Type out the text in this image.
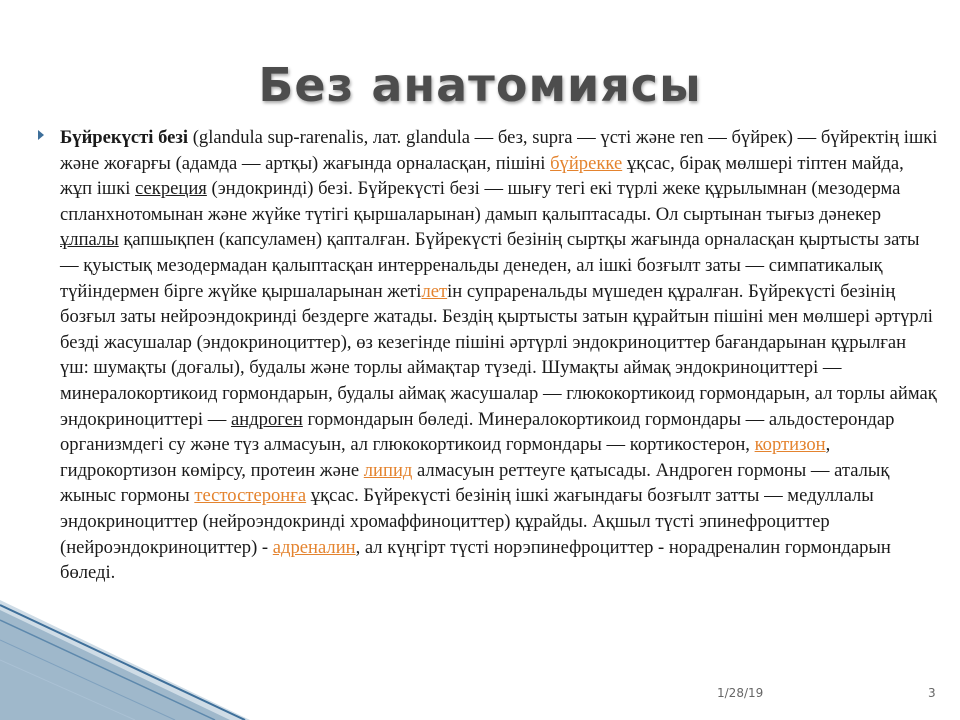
Без анатомиясы

Бүйрекүсті безі (glandula sup-rarenalis, лат. glandula — без, supra — үсті және ren — бүйрек) — бүйректің ішкі және жоғарғы (адамда — артқы) жағында орналасқан, пішіні бүйрекке ұқсас, бірақ мөлшері тіптен майда, жұп ішкі секреция (эндокринді) безі. Бүйрекүсті безі — шығу тегі екі түрлі жеке құрылымнан (мезодерма спланхнотомынан және жүйке түтігі қыршаларынан) дамып қалыптасады. Ол сыртынан тығыз дәнекер ұлпалы қапшықпен (капсуламен) қапталған. Бүйрекүсті безінің сыртқы жағында орналасқан қыртысты заты — қуыстық мезодермадан қалыптасқан интерренальды денеден, ал ішкі бозғылт заты — симпатикалық түйіндермен бірге жүйке қыршаларынан жетілетін супраренальды мүшеден құралған. Бүйрекүсті безінің бозғыл заты нейроэндокринді бездерге жатады. Бездің қыртысты затын құрайтын пішіні мен мөлшері әртүрлі безді жасушалар (эндокриноциттер), өз кезегінде пішіні әртүрлі эндокриноциттер бағандарынан құрылған үш: шумақты (доғалы), будалы және торлы аймақтар түзеді. Шумақты аймақ эндокриноциттері — минералокортикоид гормондарын, будалы аймақ жасушалар — глюкокортикоид гормондарын, ал торлы аймақ эндокриноциттері — андроген гормондарын бөледі. Минералокортикоид гормондары — альдостерондар организмдегі су және түз алмасуын, ал глюкокортикоид гормондары — кортикостерон, кортизон, гидрокортизон көмірсу, протеин және липид алмасуын реттеуге қатысады. Андроген гормоны — аталық жыныс гормоны тестостеронға ұқсас. Бүйрекүсті безінің ішкі жағындағы бозғылт затты — медуллалы эндокриноциттер (нейроэндокринді хромаффиноциттер) құрайды. Ақшыл түсті эпинефроциттер (нейроэндокриноциттер) - адреналин, ал күңгірт түсті норэпинефроциттер - норадреналин гормондарын бөледі.

1/28/19	3
